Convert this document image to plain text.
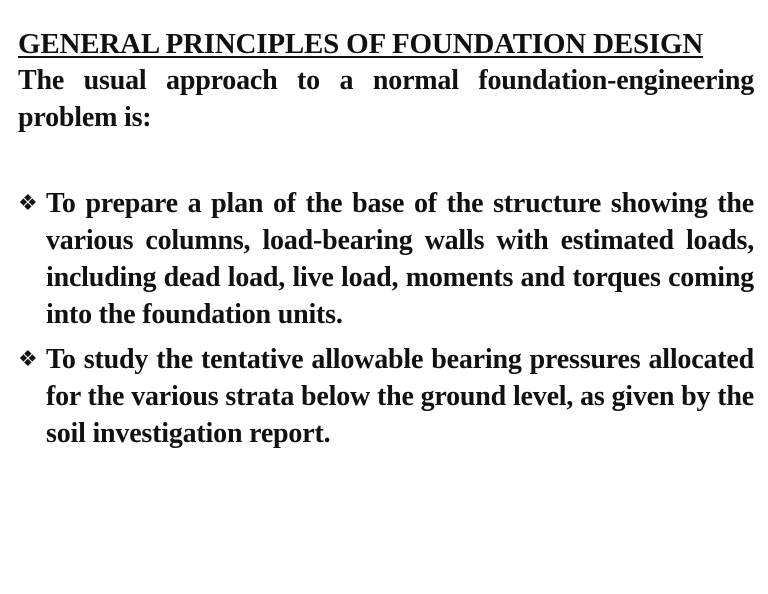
GENERAL PRINCIPLES OF FOUNDATION DESIGN

The usual approach to a normal foundation-engineering problem is:

❖ To prepare a plan of the base of the structure showing the various columns, load-bearing walls with estimated loads, including dead load, live load, moments and torques coming into the foundation units.
❖ To study the tentative allowable bearing pressures allocated for the various strata below the ground level, as given by the soil investigation report.
